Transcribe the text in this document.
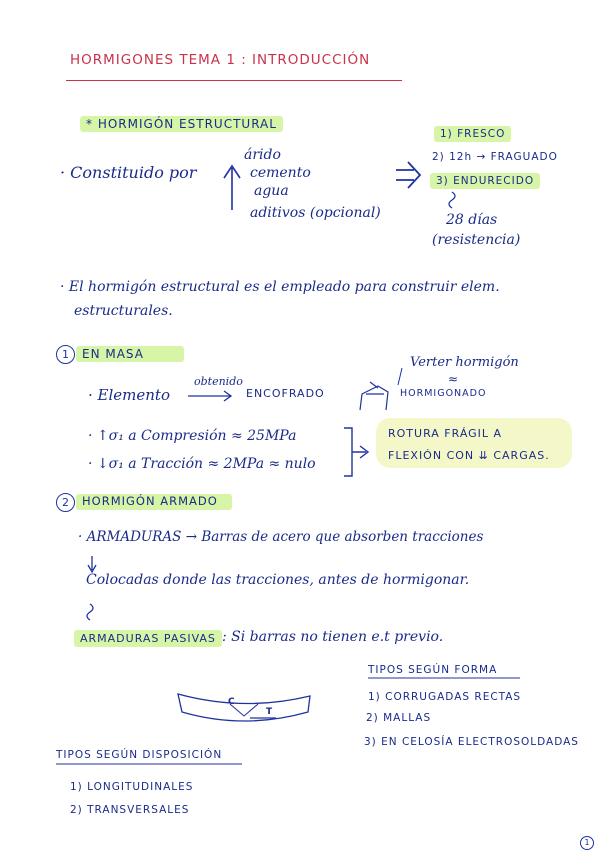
HORMIGONES TEMA 1 : INTRODUCCIÓN
* HORMIGÓN ESTRUCTURAL
· Constituido por
árido
cemento
agua
aditivos (opcional)
1) FRESCO
2) 12h → FRAGUADO
3) ENDURECIDO
28 días
(resistencia)
· El hormigón estructural es el empleado para construir elem.
estructurales.
1	EN MASA
· Elemento
obtenido
ENCOFRADO
Verter hormigón
≈
HORMIGONADO
· ↑σ₁ a Compresión ≈ 25MPa
· ↓σ₁ a Tracción ≈ 2MPa ≈ nulo
ROTURA FRÁGIL A
FLEXIÓN CON ⇊ CARGAS.
2	HORMIGÓN ARMADO
· ARMADURAS → Barras de acero que absorben tracciones
Colocadas donde las tracciones, antes de hormigonar.
ARMADURAS PASIVAS : Si barras no tienen e.t previo.
C
T
TIPOS SEGÚN FORMA
1) CORRUGADAS RECTAS
2) MALLAS
3) EN CELOSÍA ELECTROSOLDADAS
TIPOS SEGÚN DISPOSICIÓN
1) LONGITUDINALES
2) TRANSVERSALES
1
